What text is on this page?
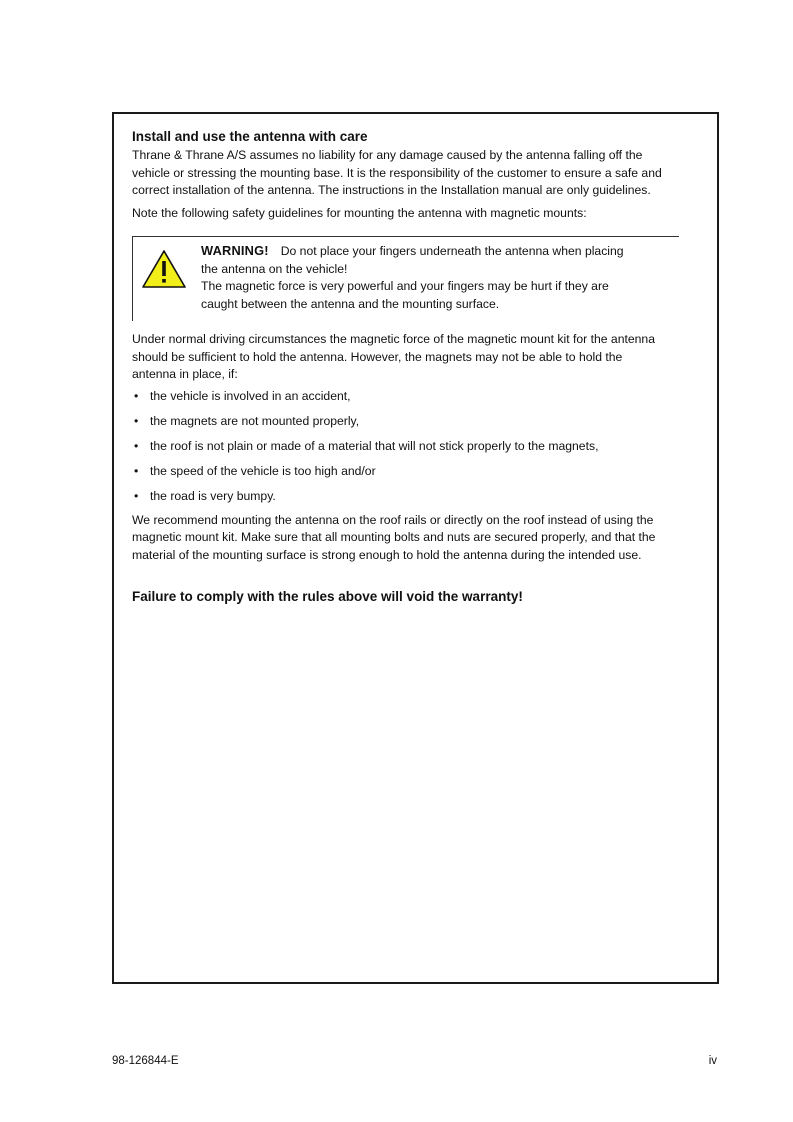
Install and use the antenna with care

Thrane & Thrane A/S assumes no liability for any damage caused by the antenna falling off the

vehicle or stressing the mounting base. It is the responsibility of the customer to ensure a safe and

correct installation of the antenna. The instructions in the Installation manual are only guidelines.

Note the following safety guidelines for mounting the antenna with magnetic mounts:

WARNING! Do not place your fingers underneath the antenna when placing
the antenna on the vehicle!
The magnetic force is very powerful and your fingers may be hurt if they are
caught between the antenna and the mounting surface.

Under normal driving circumstances the magnetic force of the magnetic mount kit for the antenna

should be sufficient to hold the antenna. However, the magnets may not be able to hold the

antenna in place, if:

• the vehicle is involved in an accident,
• the magnets are not mounted properly,
• the roof is not plain or made of a material that will not stick properly to the magnets,
• the speed of the vehicle is too high and/or
• the road is very bumpy.

We recommend mounting the antenna on the roof rails or directly on the roof instead of using the

magnetic mount kit. Make sure that all mounting bolts and nuts are secured properly, and that the

material of the mounting surface is strong enough to hold the antenna during the intended use.

Failure to comply with the rules above will void the warranty!
98-126844-E	iv
